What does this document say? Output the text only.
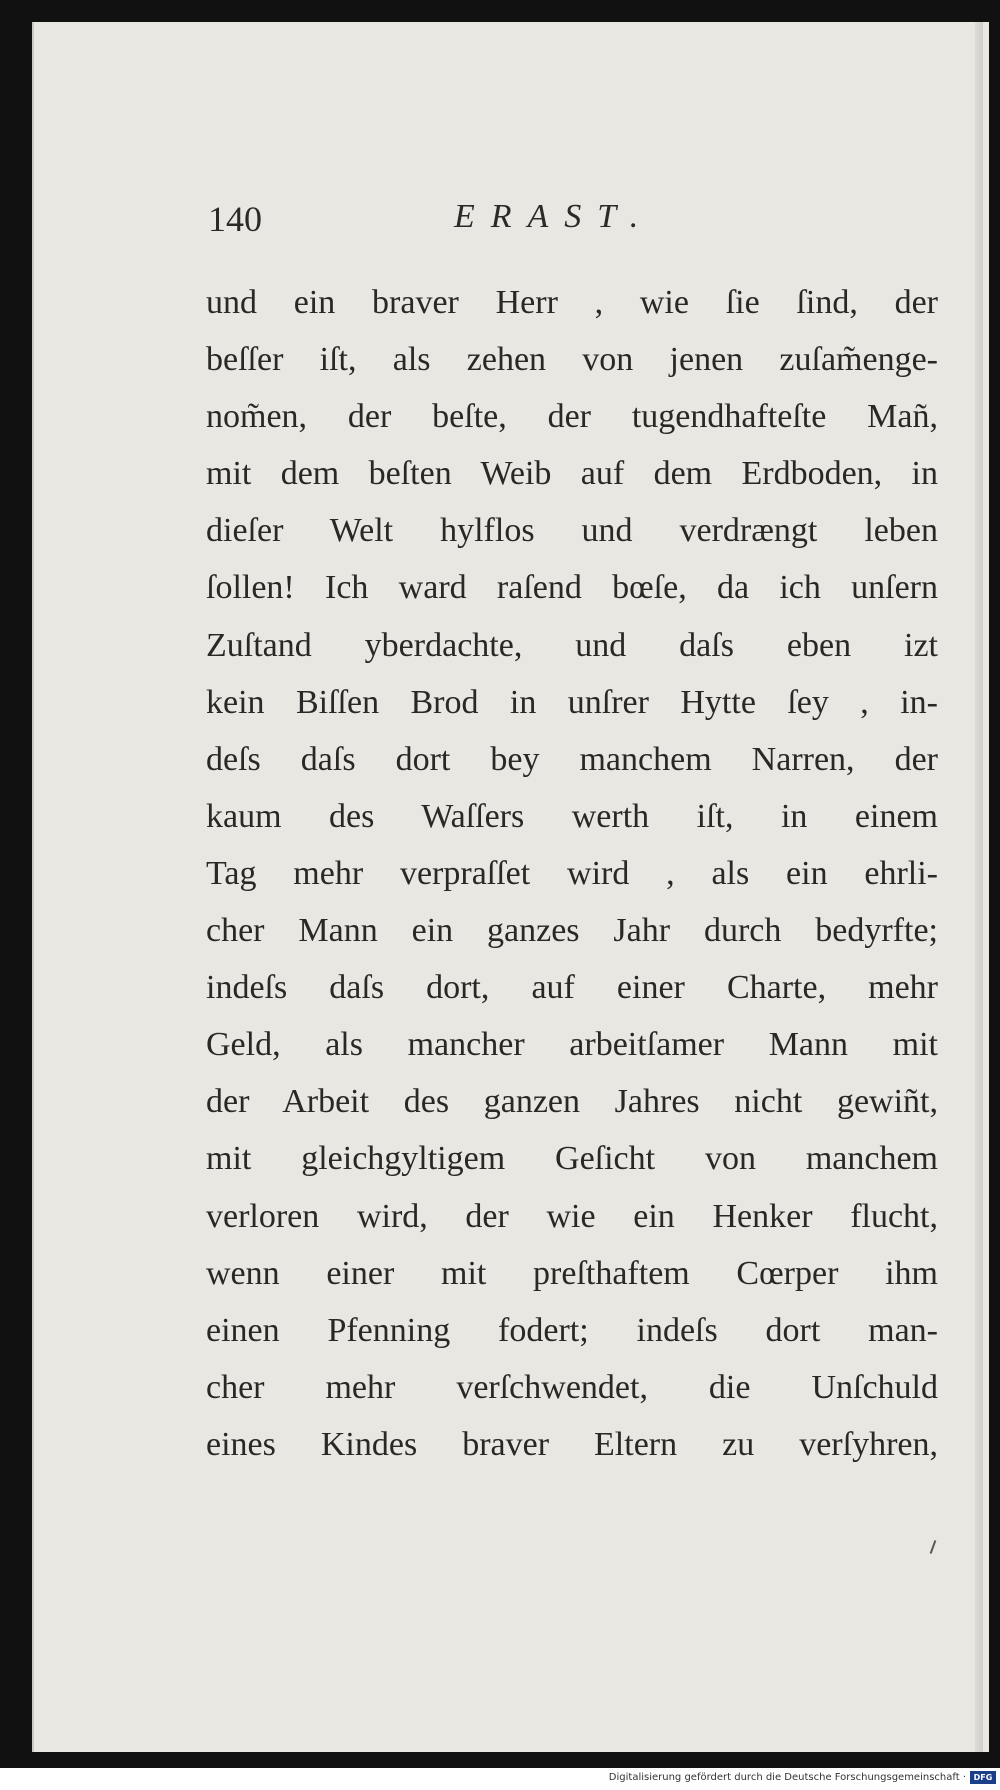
140	ERAST.
und ein braver Herr , wie ſie ſind, der
beſſer iſt, als zehen von jenen zuſam̃enge-
nom̃en, der beſte, der tugendhafteſte Mañ,
mit dem beſten Weib auf dem Erdboden, in
dieſer Welt hylflos und verdrængt leben
ſollen! Ich ward raſend bœſe, da ich unſern
Zuſtand yberdachte, und daſs eben izt
kein Biſſen Brod in unſrer Hytte ſey , in-
deſs daſs dort bey manchem Narren, der
kaum des Waſſers werth iſt, in einem
Tag mehr verpraſſet wird , als ein ehrli-
cher Mann ein ganzes Jahr durch bedyrfte;
indeſs daſs dort, auf einer Charte, mehr
Geld, als mancher arbeitſamer Mann mit
der Arbeit des ganzen Jahres nicht gewiñt,
mit gleichgyltigem Geſicht von manchem
verloren wird, der wie ein Henker flucht,
wenn einer mit preſthaftem Cœrper ihm
einen Pfenning fodert; indeſs dort man-
cher mehr verſchwendet, die Unſchuld
eines Kindes braver Eltern zu verſyhren,
Digitalisierung gefördert durch die Deutsche Forschungsgemeinschaft · DFG
